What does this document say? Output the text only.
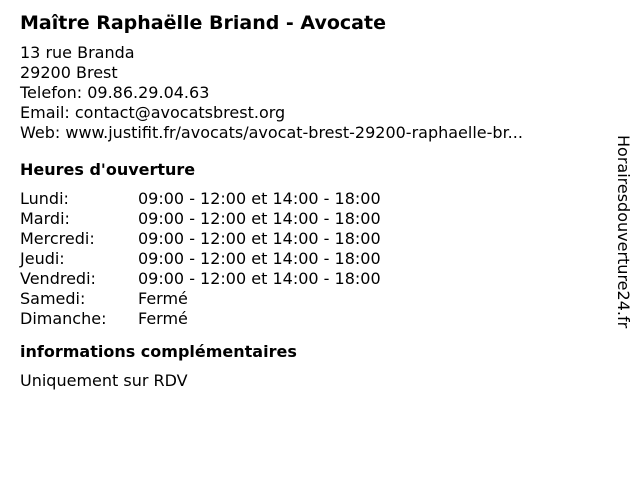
Maître Raphaëlle Briand - Avocate
13 rue Branda
29200 Brest
Telefon: 09.86.29.04.63
Email: contact@avocatsbrest.org
Web: www.justifit.fr/avocats/avocat-brest-29200-raphaelle-br...
Heures d'ouverture
Lundi:	09:00 - 12:00 et 14:00 - 18:00
Mardi:	09:00 - 12:00 et 14:00 - 18:00
Mercredi:	09:00 - 12:00 et 14:00 - 18:00
Jeudi:	09:00 - 12:00 et 14:00 - 18:00
Vendredi:	09:00 - 12:00 et 14:00 - 18:00
Samedi:	Fermé
Dimanche:	Fermé
informations complémentaires
Uniquement sur RDV
Horairesdouverture24.fr
